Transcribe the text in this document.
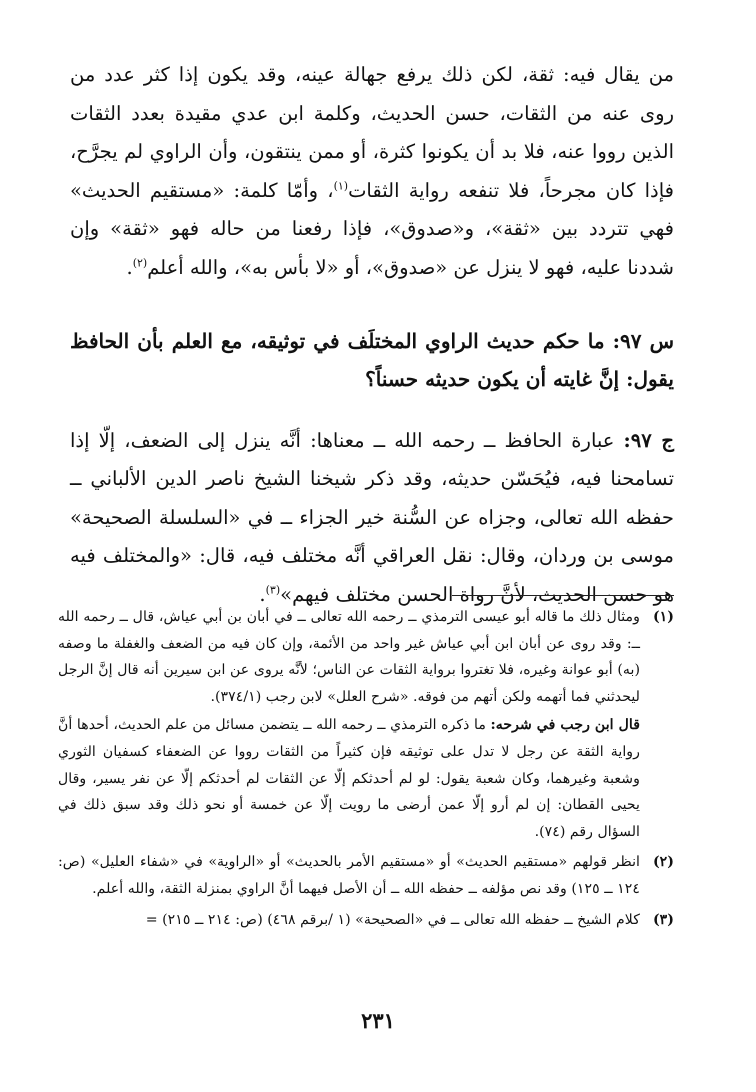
من يقال فيه: ثقة، لكن ذلك يرفع جهالة عينه، وقد يكون إذا كثر عدد من روى عنه من الثقات، حسن الحديث، وكلمة ابن عدي مقيدة بعدد الثقات الذين رووا عنه، فلا بد أن يكونوا كثرة، أو ممن ينتقون، وأن الراوي لم يجرَّح، فإذا كان مجرحاً، فلا تنفعه رواية الثقات$^{(١)}$، وأمّا كلمة: «مستقيم الحديث» فهي تتردد بين «ثقة»، و«صدوق»، فإذا رفعنا من حاله فهو «ثقة» وإن شددنا عليه، فهو لا ينزل عن «صدوق»، أو «لا بأس به»، والله أعلم$^{(٢)}$.

س ٩٧: ما حكم حديث الراوي المختلَف في توثيقه، مع العلم بأن الحافظ يقول: إنَّ غايته أن يكون حديثه حسناً؟

ج ٩٧: عبارة الحافظ ــ رحمه الله ــ معناها: أنَّه ينزل إلى الضعف، إلّا إذا تسامحنا فيه، فيُحَسّن حديثه، وقد ذكر شيخنا الشيخ ناصر الدين الألباني ــ حفظه الله تعالى، وجزاه عن السُّنة خير الجزاء ــ في «السلسلة الصحيحة» موسى بن وردان، وقال: نقل العراقي أنَّه مختلف فيه، قال: «والمختلف فيه هو حسن الحديث، لأنَّ رواة الحسن مختلف فيهم»$^{(٣)}$.

(١)

ومثال ذلك ما قاله أبو عيسى الترمذي ــ رحمه الله تعالى ــ في أبان بن أبي عياش، قال ــ رحمه الله ــ: وقد روى عن أبان ابن أبي عياش غير واحد من الأئمة، وإن كان فيه من الضعف والغفلة ما وصفه (به) أبو عوانة وغيره، فلا تغتروا برواية الثقات عن الناس؛ لأنَّه يروى عن ابن سيرين أنه قال إنَّ الرجل ليحدثني فما أتهمه ولكن أتهم من فوقه. «شرح العلل» لابن رجب (٣٧٤/١).

قال ابن رجب في شرحه: ما ذكره الترمذي ــ رحمه الله ــ يتضمن مسائل من علم الحديث، أحدها أنَّ رواية الثقة عن رجل لا تدل على توثيقه فإن كثيراً من الثقات رووا عن الضعفاء كسفيان الثوري وشعبة وغيرهما، وكان شعبة يقول: لو لم أحدثكم إلّا عن الثقات لم أحدثكم إلّا عن نفر يسير، وقال يحيى القطان: إن لم أرو إلّا عمن أرضى ما رويت إلّا عن خمسة أو نحو ذلك وقد سبق ذلك في السؤال رقم (٧٤).

(٢)

انظر قولهم «مستقيم الحديث» أو «مستقيم الأمر بالحديث» أو «الراوية» في «شفاء العليل» (ص: ١٢٤ ــ ١٢٥) وقد نص مؤلفه ــ حفظه الله ــ أن الأصل فيهما أنَّ الراوي بمنزلة الثقة، والله أعلم.

(٣)

كلام الشيخ ــ حفظه الله تعالى ــ في «الصحيحة» (١ /برقم ٤٦٨) (ص: ٢١٤ ــ ٢١٥) =

٢٣١
